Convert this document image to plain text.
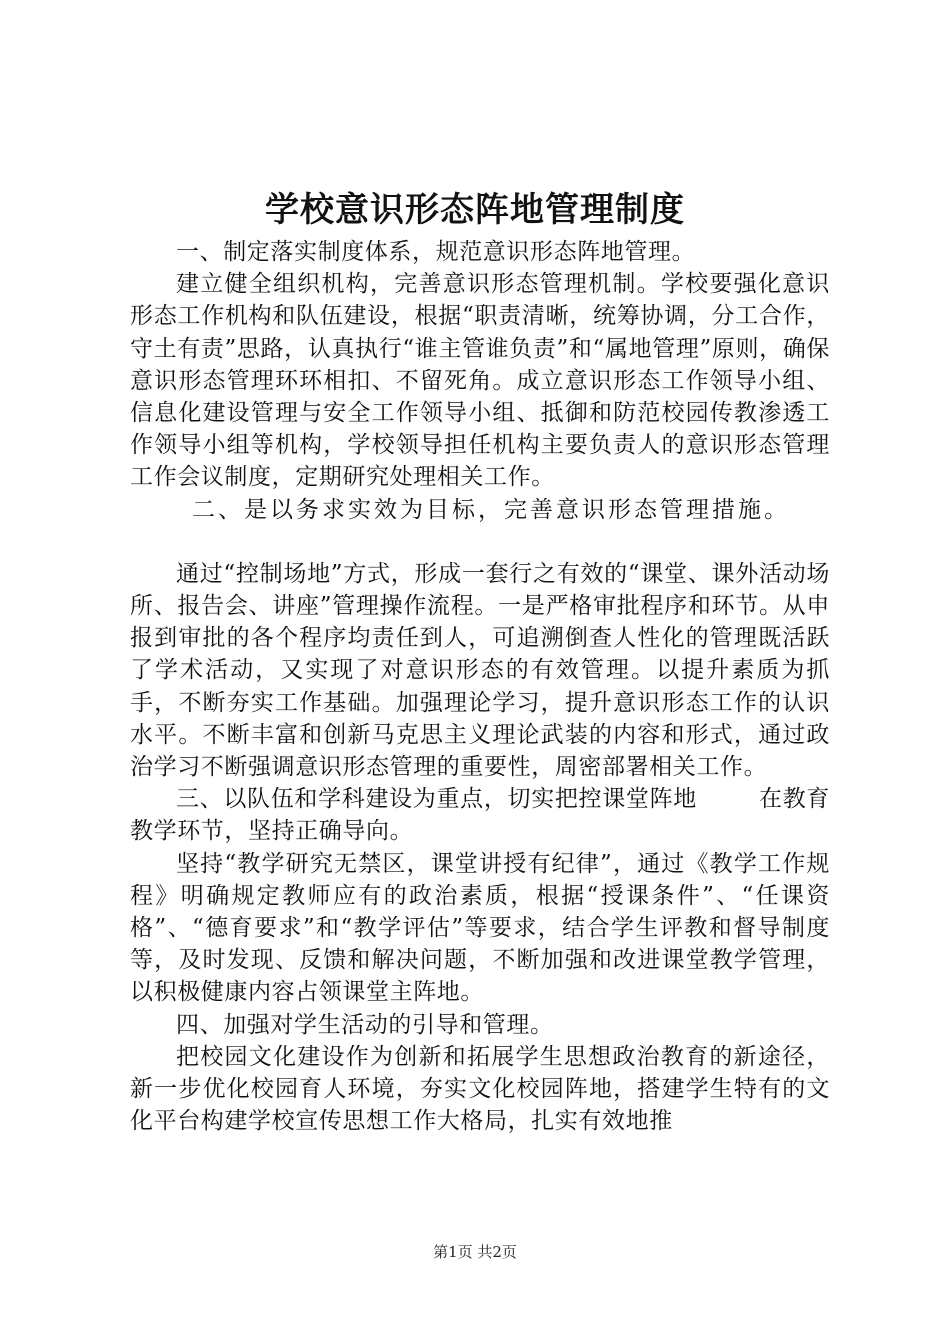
学校意识形态阵地管理制度

一、制定落实制度体系，规范意识形态阵地管理。

建立健全组织机构，完善意识形态管理机制。学校要强化意识形态工作机构和队伍建设，根据“职责清晰，统筹协调，分工合作，守土有责”思路，认真执行“谁主管谁负责”和“属地管理”原则，确保意识形态管理环环相扣、不留死角。成立意识形态工作领导小组、信息化建设管理与安全工作领导小组、抵御和防范校园传教渗透工作领导小组等机构，学校领导担任机构主要负责人的意识形态管理工作会议制度，定期研究处理相关工作。

二、是以务求实效为目标，完善意识形态管理措施。

通过“控制场地”方式，形成一套行之有效的“课堂、课外活动场所、报告会、讲座”管理操作流程。一是严格审批程序和环节。从申报到审批的各个程序均责任到人，可追溯倒查人性化的管理既活跃了学术活动，又实现了对意识形态的有效管理。以提升素质为抓手，不断夯实工作基础。加强理论学习，提升意识形态工作的认识水平。不断丰富和创新马克思主义理论武装的内容和形式，通过政治学习不断强调意识形态管理的重要性，周密部署相关工作。

三、以队伍和学科建设为重点，切实把控课堂阵地	在教育教学环节，坚持正确导向。

坚持“教学研究无禁区，课堂讲授有纪律”，通过《教学工作规程》明确规定教师应有的政治素质，根据“授课条件”、“任课资格”、“德育要求”和“教学评估”等要求，结合学生评教和督导制度等，及时发现、反馈和解决问题，不断加强和改进课堂教学管理，以积极健康内容占领课堂主阵地。

四、加强对学生活动的引导和管理。

把校园文化建设作为创新和拓展学生思想政治教育的新途径，新一步优化校园育人环境，夯实文化校园阵地，搭建学生特有的文化平台构建学校宣传思想工作大格局，扎实有效地推

第1页 共2页
